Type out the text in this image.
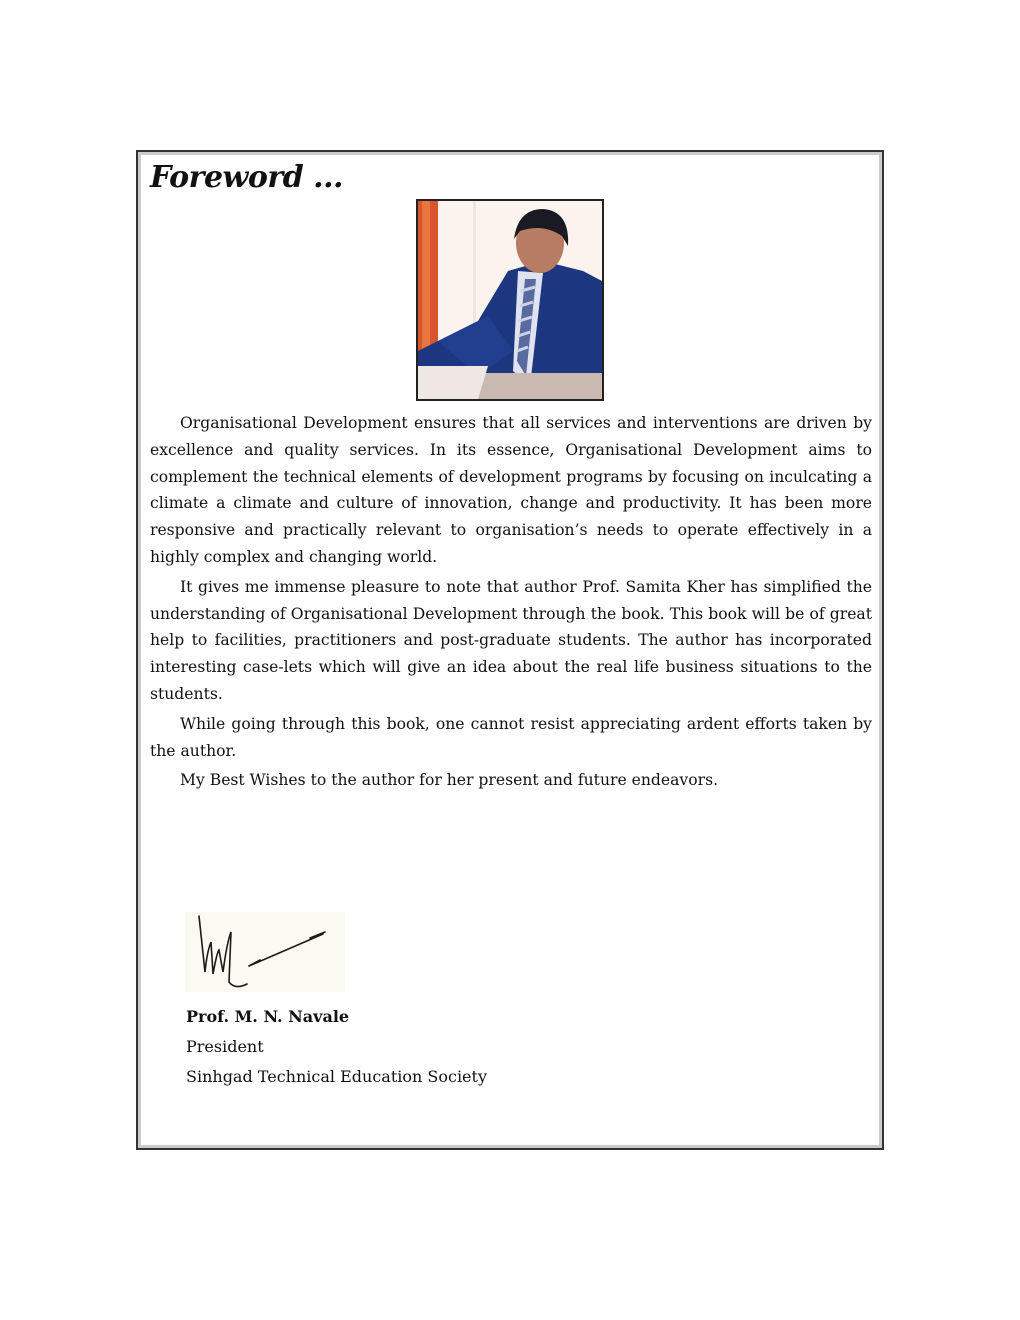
Foreword ...

Organisational Development ensures that all services and interventions are driven by excellence and quality services. In its essence, Organisational Development aims to complement the technical elements of development programs by focusing on inculcating a climate a climate and culture of innovation, change and productivity. It has been more responsive and practically relevant to organisation’s needs to operate effectively in a highly complex and changing world.

It gives me immense pleasure to note that author Prof. Samita Kher has simplified the understanding of Organisational Development through the book. This book will be of great help to facilities, practitioners and post-graduate students. The author has incorporated interesting case-lets which will give an idea about the real life business situations to the students.

While going through this book, one cannot resist appreciating ardent efforts taken by the author.

My Best Wishes to the author for her present and future endeavors.

Prof. M. N. Navale
President
Sinhgad Technical Education Society
